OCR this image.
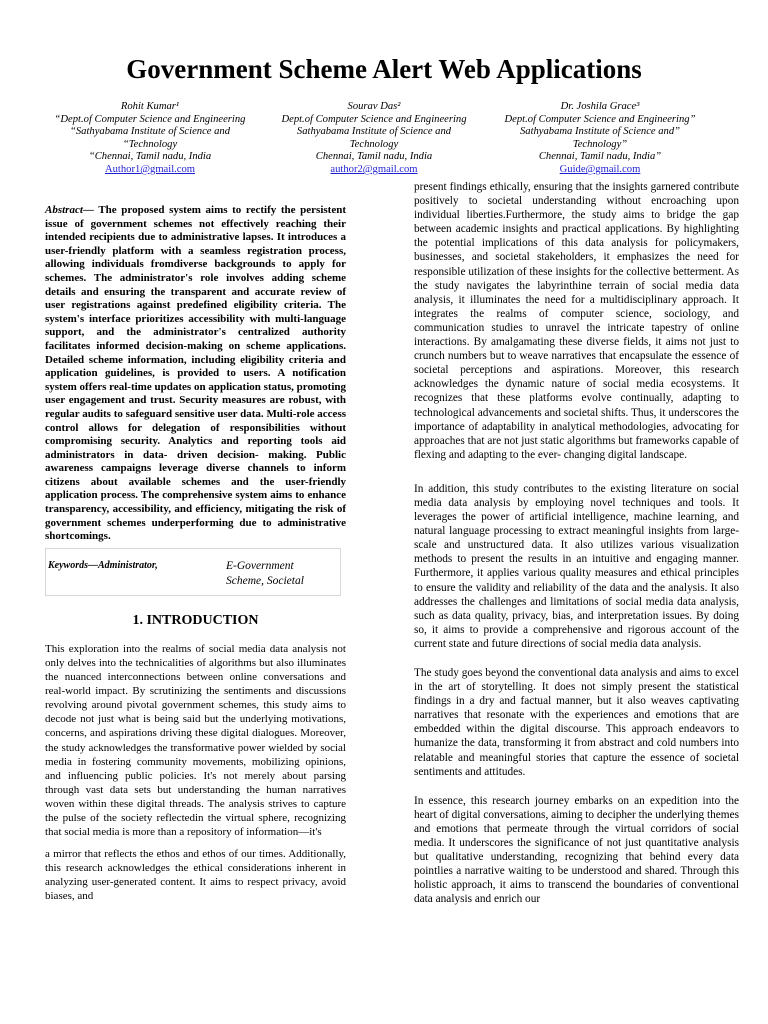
Government Scheme Alert Web Applications
Rohit Kumar¹
“Dept.of Computer Science and Engineering
“Sathyabama Institute of Science and
“Technology
“Chennai, Tamil nadu, India
Author1@gmail.com
Sourav Das²
Dept.of Computer Science and Engineering
Sathyabama Institute of Science and
Technology
Chennai, Tamil nadu, India
author2@gmail.com
Dr. Joshila Grace³
Dept.of Computer Science and Engineering”
Sathyabama Institute of Science and”
Technology”
Chennai, Tamil nadu, India”
Guide@gmail.com

Abstract— The proposed system aims to rectify the persistent issue of government schemes not effectively reaching their intended recipients due to administrative lapses. It introduces a user-friendly platform with a seamless registration process, allowing individuals fromdiverse backgrounds to apply for schemes. The administrator's role involves adding scheme details and ensuring the transparent and accurate review of user registrations against predefined eligibility criteria. The system's interface prioritizes accessibility with multi-language support, and the administrator's centralized authority facilitates informed decision-making on scheme applications. Detailed scheme information, including eligibility criteria and application guidelines, is provided to users. A notification system offers real-time updates on application status, promoting user engagement and trust. Security measures are robust, with regular audits to safeguard sensitive user data. Multi-role access control allows for delegation of responsibilities without compromising security. Analytics and reporting tools aid administrators in data- driven decision- making. Public awareness campaigns leverage diverse channels to inform citizens about available schemes and the user-friendly application process. The comprehensive system aims to enhance transparency, accessibility, and efficiency, mitigating the risk of government schemes underperforming due to administrative shortcomings.

Keywords—Administrator,	E-Government Scheme, Societal
1. INTRODUCTION

This exploration into the realms of social media data analysis not only delves into the technicalities of algorithms but also illuminates the nuanced interconnections between online conversations and real-world impact. By scrutinizing the sentiments and discussions revolving around pivotal government schemes, this study aims to decode not just what is being said but the underlying motivations, concerns, and aspirations driving these digital dialogues. Moreover, the study acknowledges the transformative power wielded by social media in fostering community movements, mobilizing opinions, and influencing public policies. It's not merely about parsing through vast data sets but understanding the human narratives woven within these digital threads. The analysis strives to capture the pulse of the society reflectedin the virtual sphere, recognizing that social media is more than a repository of information—it's

a mirror that reflects the ethos and ethos of our times. Additionally, this research acknowledges the ethical considerations inherent in analyzing user-generated content. It aims to respect privacy, avoid biases, and

present findings ethically, ensuring that the insights garnered contribute positively to societal understanding without encroaching upon individual liberties.Furthermore, the study aims to bridge the gap between academic insights and practical applications. By highlighting the potential implications of this data analysis for policymakers, businesses, and societal stakeholders, it emphasizes the need for responsible utilization of these insights for the collective betterment. As the study navigates the labyrinthine terrain of social media data analysis, it illuminates the need for a multidisciplinary approach. It integrates the realms of computer science, sociology, and communication studies to unravel the intricate tapestry of online interactions. By amalgamating these diverse fields, it aims not just to crunch numbers but to weave narratives that encapsulate the essence of societal perceptions and aspirations. Moreover, this research acknowledges the dynamic nature of social media ecosystems. It recognizes that these platforms evolve continually, adapting to technological advancements and societal shifts. Thus, it underscores the importance of adaptability in analytical methodologies, advocating for approaches that are not just static algorithms but frameworks capable of flexing and adapting to the ever- changing digital landscape.

In addition, this study contributes to the existing literature on social media data analysis by employing novel techniques and tools. It leverages the power of artificial intelligence, machine learning, and natural language processing to extract meaningful insights from large-scale and unstructured data. It also utilizes various visualization methods to present the results in an intuitive and engaging manner. Furthermore, it applies various quality measures and ethical principles to ensure the validity and reliability of the data and the analysis. It also addresses the challenges and limitations of social media data analysis, such as data quality, privacy, bias, and interpretation issues. By doing so, it aims to provide a comprehensive and rigorous account of the current state and future directions of social media data analysis.

The study goes beyond the conventional data analysis and aims to excel in the art of storytelling. It does not simply present the statistical findings in a dry and factual manner, but it also weaves captivating narratives that resonate with the experiences and emotions that are embedded within the digital discourse. This approach endeavors to humanize the data, transforming it from abstract and cold numbers into relatable and meaningful stories that capture the essence of societal sentiments and attitudes.

In essence, this research journey embarks on an expedition into the heart of digital conversations, aiming to decipher the underlying themes and emotions that permeate through the virtual corridors of social media. It underscores the significance of not just quantitative analysis but qualitative understanding, recognizing that behind every data pointlies a narrative waiting to be understood and shared. Through this holistic approach, it aims to transcend the boundaries of conventional data analysis and enrich our
